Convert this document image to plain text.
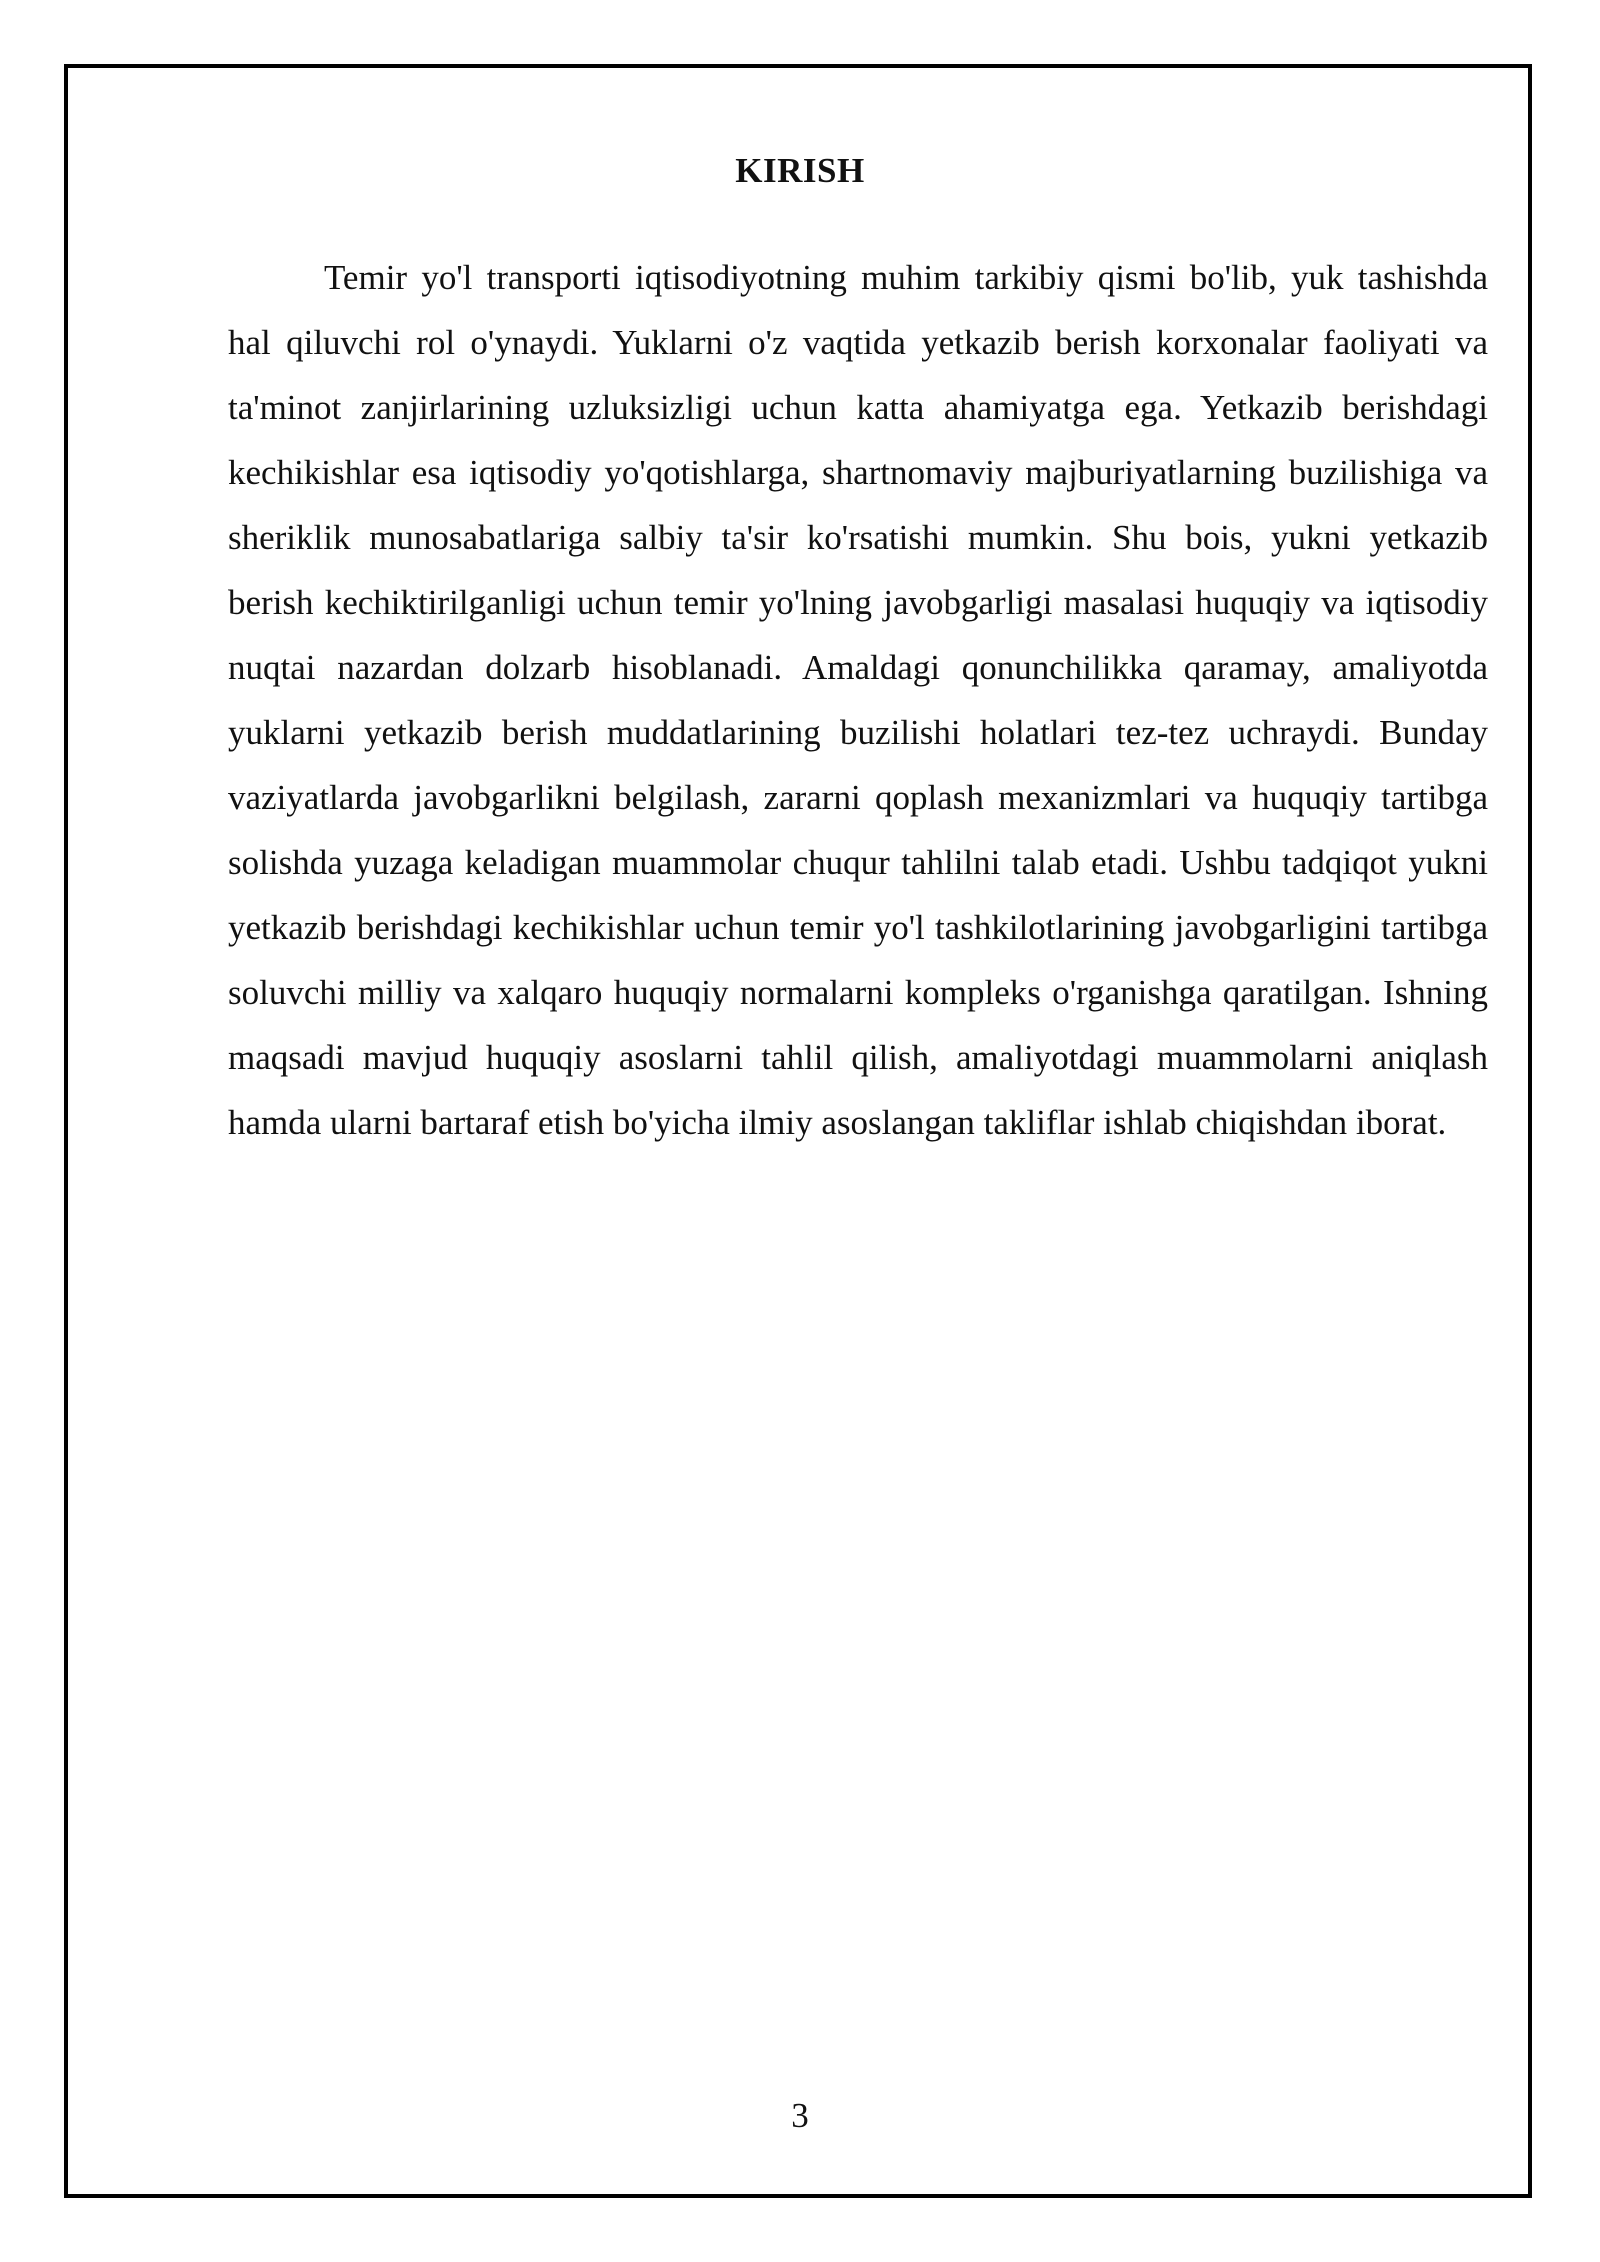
KIRISH

Temir yo'l transporti iqtisodiyotning muhim tarkibiy qismi bo'lib, yuk tashishda hal qiluvchi rol o'ynaydi. Yuklarni o'z vaqtida yetkazib berish korxonalar faoliyati va ta'minot zanjirlarining uzluksizligi uchun katta ahamiyatga ega. Yetkazib berishdagi kechikishlar esa iqtisodiy yo'qotishlarga, shartnomaviy majburiyatlarning buzilishiga va sheriklik munosabatlariga salbiy ta'sir ko'rsatishi mumkin. Shu bois, yukni yetkazib berish kechiktirilganligi uchun temir yo'lning javobgarligi masalasi huquqiy va iqtisodiy nuqtai nazardan dolzarb hisoblanadi. Amaldagi qonunchilikka qaramay, amaliyotda yuklarni yetkazib berish muddatlarining buzilishi holatlari tez-tez uchraydi. Bunday vaziyatlarda javobgarlikni belgilash, zararni qoplash mexanizmlari va huquqiy tartibga solishda yuzaga keladigan muammolar chuqur tahlilni talab etadi. Ushbu tadqiqot yukni yetkazib berishdagi kechikishlar uchun temir yo'l tashkilotlarining javobgarligini tartibga soluvchi milliy va xalqaro huquqiy normalarni kompleks o'rganishga qaratilgan. Ishning maqsadi mavjud huquqiy asoslarni tahlil qilish, amaliyotdagi muammolarni aniqlash hamda ularni bartaraf etish bo'yicha ilmiy asoslangan takliflar ishlab chiqishdan iborat.

3
